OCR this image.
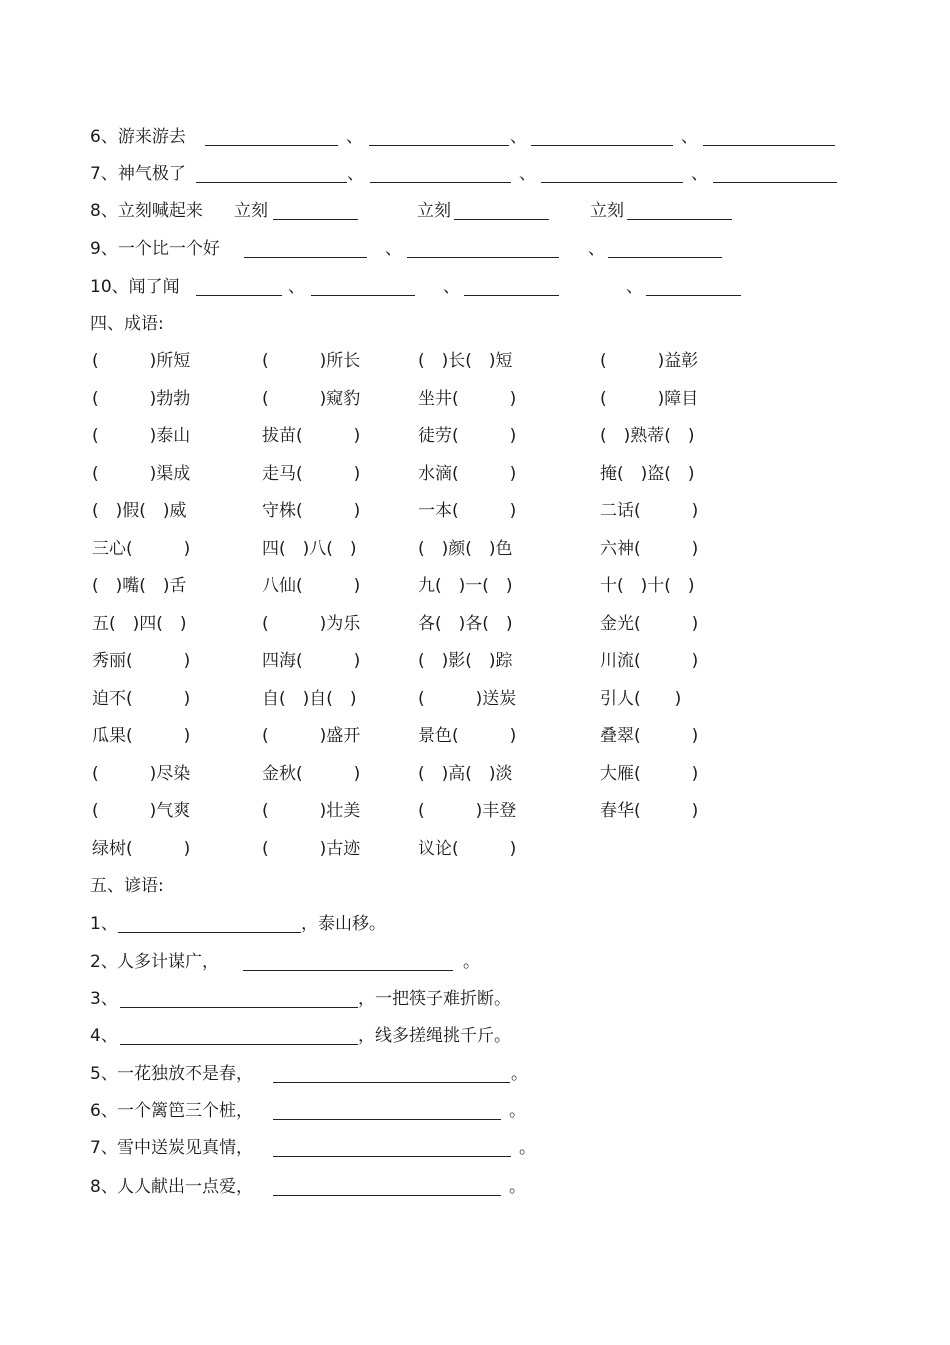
6、游来游去	、	、	、
7、神气极了	、	、	、
8、立刻喊起来 立刻	立刻	立刻
9、一个比一个好	、	、
10、闻了闻	、	、	、
四、成语:
(　　　)所短	(　　　)所长	(　)长(　)短	(　　　)益彰
(　　　)勃勃	(　　　)窥豹	坐井(　　　)	(　　　)障目
(　　　)泰山	拔苗(　　　)	徒劳(　　　)	(　)熟蒂(　)
(　　　)渠成	走马(　　　)	水滴(　　　)	掩(　)盗(　)
(　)假(　)威	守株(　　　)	一本(　　　)	二话(　　　)
三心(　　　)	四(　)八(　)	(　)颜(　)色	六神(　　　)
(　)嘴(　)舌	八仙(　　　)	九(　)一(　)	十(　)十(　)
五(　)四(　)	(　　　)为乐	各(　)各(　)	金光(　　　)
秀丽(　　　)	四海(　　　)	(　)影(　)踪	川流(　　　)
迫不(　　　)	自(　)自(　)	(　　　)送炭	引人(　　)
瓜果(　　　)	(　　　)盛开	景色(　　　)	叠翠(　　　)
(　　　)尽染	金秋(　　　)	(　)高(　)淡	大雁(　　　)
(　　　)气爽	(　　　)壮美	(　　　)丰登	春华(　　　)
绿树(　　　)	(　　　)古迹	议论(　　　)
五、谚语:
1、	，泰山移。
2、 人多计谋广，	。
3、	，一把筷子难折断。
4、	，线多搓绳挑千斤。
5、 一花独放不是春，	。
6、 一个篱笆三个桩，	。
7、 雪中送炭见真情，	。
8、 人人献出一点爱，	。
